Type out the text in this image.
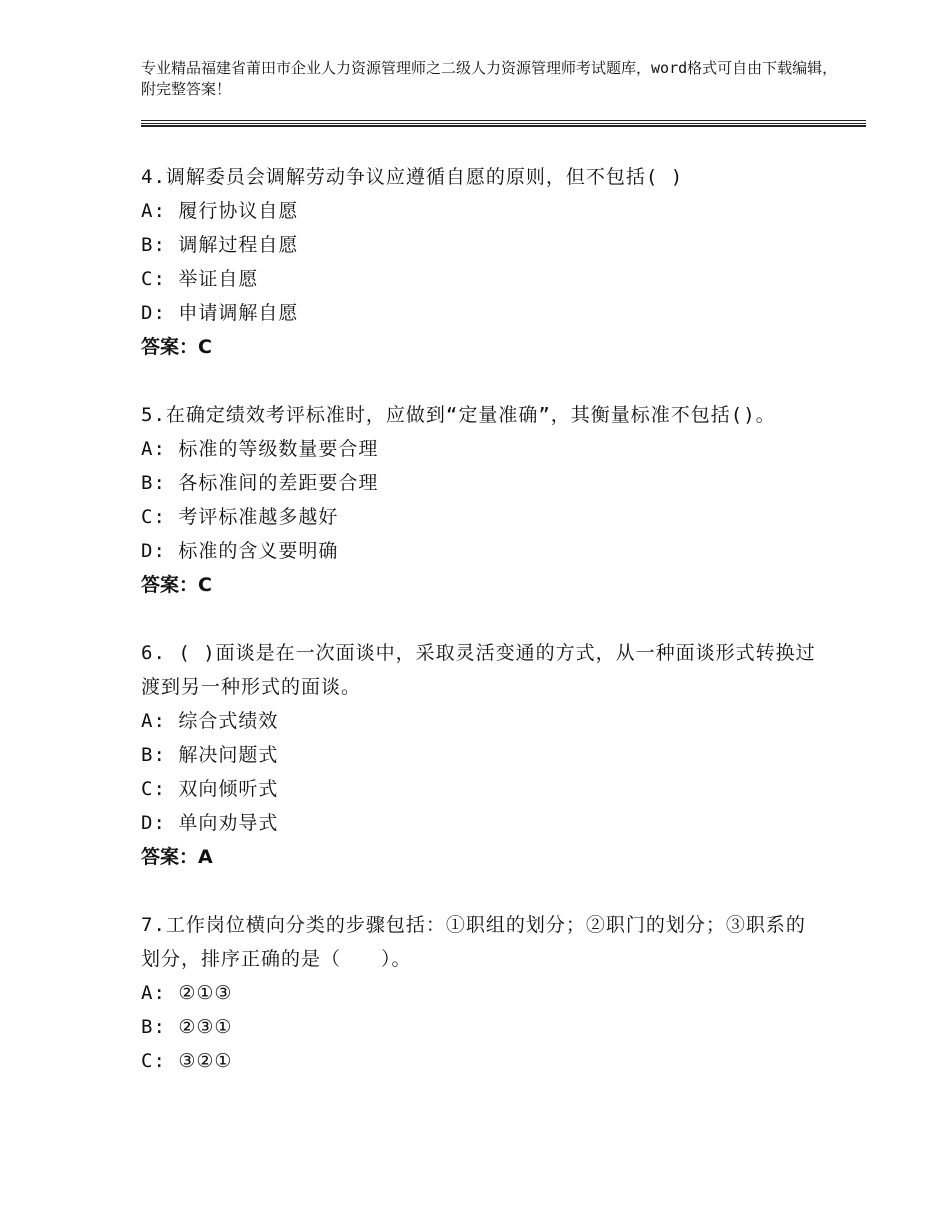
专业精品福建省莆田市企业人力资源管理师之二级人力资源管理师考试题库，word格式可自由下载编辑，附完整答案！
4.调解委员会调解劳动争议应遵循自愿的原则，但不包括( )
A: 履行协议自愿
B: 调解过程自愿
C: 举证自愿
D: 申请调解自愿
答案：C
5.在确定绩效考评标准时，应做到“定量准确”，其衡量标准不包括()。
A: 标准的等级数量要合理
B: 各标准间的差距要合理
C: 考评标准越多越好
D: 标准的含义要明确
答案：C
6. ( )面谈是在一次面谈中，采取灵活变通的方式，从一种面谈形式转换过渡到另一种形式的面谈。
A: 综合式绩效
B: 解决问题式
C: 双向倾听式
D: 单向劝导式
答案：A
7.工作岗位横向分类的步骤包括：①职组的划分；②职门的划分；③职系的划分，排序正确的是（　　）。
A: ②①③
B: ②③①
C: ③②①
